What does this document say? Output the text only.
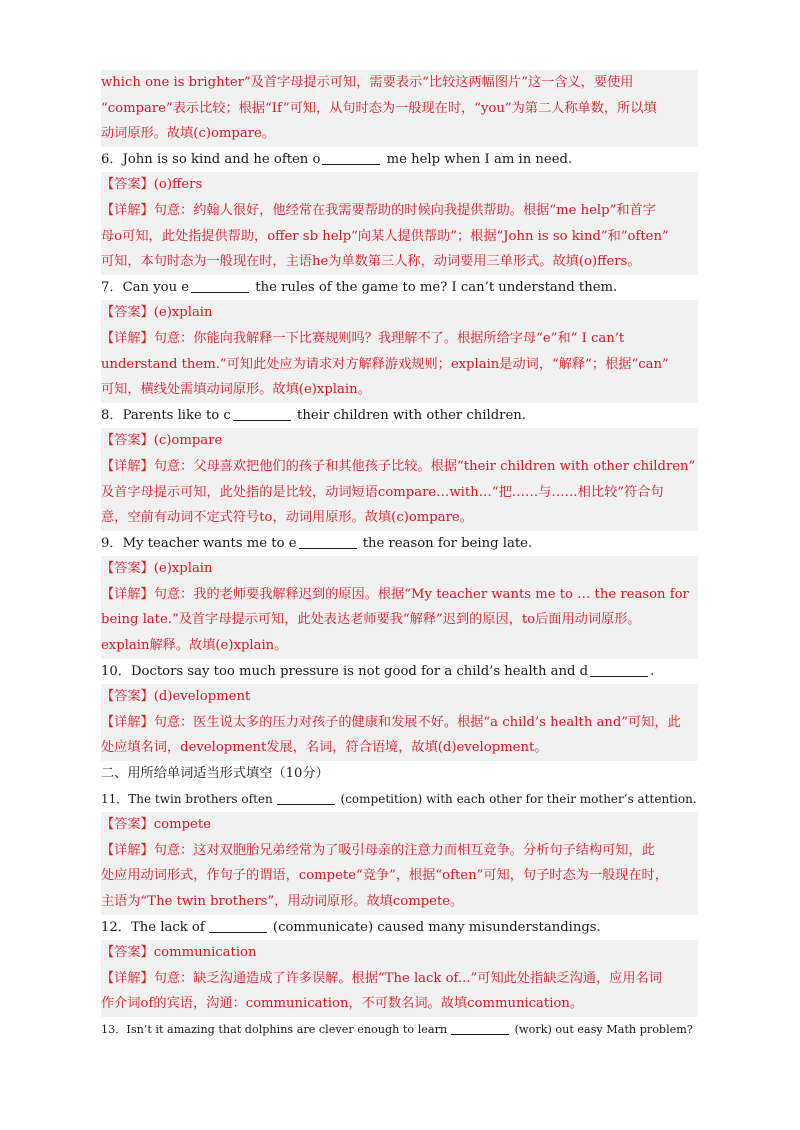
which one is brighter”及首字母提示可知，需要表示“比较这两幅图片”这一含义，要使用
“compare”表示比较；根据“If”可知，从句时态为一般现在时，“you”为第二人称单数，所以填
动词原形。故填(c)ompare。
6．John is so kind and he often o	me help when I am in need.
【答案】(o)ffers
【详解】句意：约翰人很好，他经常在我需要帮助的时候向我提供帮助。根据“me help”和首字
母o可知，此处指提供帮助，offer sb help“向某人提供帮助”；根据“John is so kind”和“often”
可知，本句时态为一般现在时，主语he为单数第三人称，动词要用三单形式。故填(o)ffers。
7．Can you e	the rules of the game to me? I can’t understand them.
【答案】(e)xplain
【详解】句意：你能向我解释一下比赛规则吗？我理解不了。根据所给字母“e”和“ I can’t
understand them.”可知此处应为请求对方解释游戏规则；explain是动词，“解释”；根据“can”
可知，横线处需填动词原形。故填(e)xplain。
8．Parents like to c	their children with other children.
【答案】(c)ompare
【详解】句意：父母喜欢把他们的孩子和其他孩子比较。根据“their children with other children”
及首字母提示可知，此处指的是比较，动词短语compare…with…“把……与……相比较”符合句
意，空前有动词不定式符号to，动词用原形。故填(c)ompare。
9．My teacher wants me to e	the reason for being late.
【答案】(e)xplain
【详解】句意：我的老师要我解释迟到的原因。根据“My teacher wants me to … the reason for
being late.”及首字母提示可知，此处表达老师要我“解释”迟到的原因，to后面用动词原形。
explain解释。故填(e)xplain。
10．Doctors say too much pressure is not good for a child’s health and d	.
【答案】(d)evelopment
【详解】句意：医生说太多的压力对孩子的健康和发展不好。根据“a child’s health and”可知，此
处应填名词，development发展，名词，符合语境，故填(d)evelopment。
二、用所给单词适当形式填空（10分）
11．The twin brothers often	(competition) with each other for their mother’s attention.
【答案】compete
【详解】句意：这对双胞胎兄弟经常为了吸引母亲的注意力而相互竞争。分析句子结构可知，此
处应用动词形式，作句子的谓语，compete“竞争”，根据“often”可知，句子时态为一般现在时，
主语为“The twin brothers”，用动词原形。故填compete。
12．The lack of	(communicate) caused many misunderstandings.
【答案】communication
【详解】句意：缺乏沟通造成了许多误解。根据“The lack of...”可知此处指缺乏沟通，应用名词
作介词of的宾语，沟通：communication，不可数名词。故填communication。
13．Isn’t it amazing that dolphins are clever enough to learn	(work) out easy Math problem?
